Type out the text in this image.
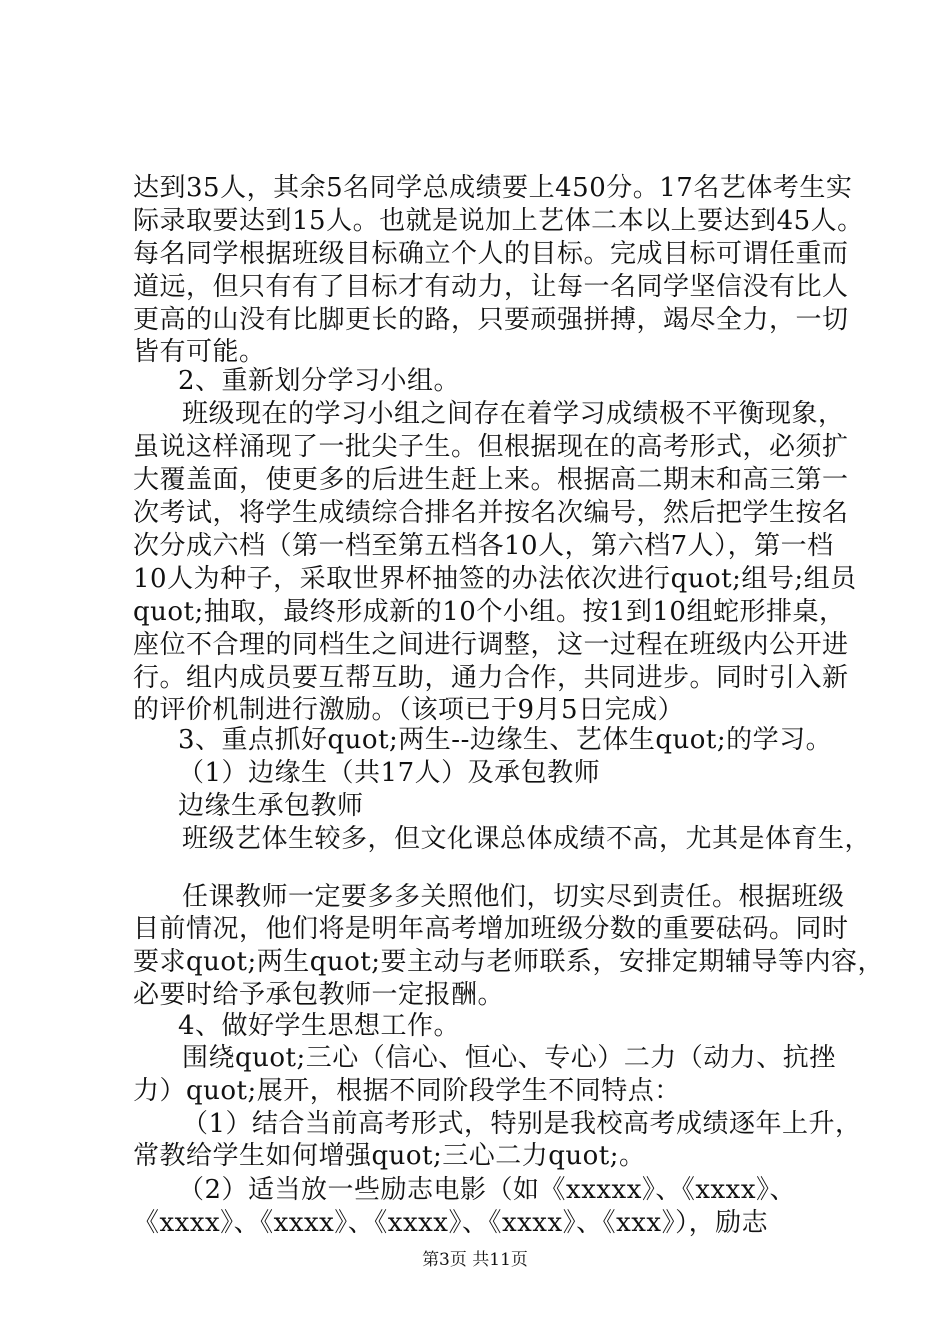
达到35人，其余5名同学总成绩要上450分。17名艺体考生实
际录取要达到15人。也就是说加上艺体二本以上要达到45人。
每名同学根据班级目标确立个人的目标。完成目标可谓任重而
道远，但只有有了目标才有动力，让每一名同学坚信没有比人
更高的山没有比脚更长的路，只要顽强拼搏，竭尽全力，一切
皆有可能。
2、重新划分学习小组。
班级现在的学习小组之间存在着学习成绩极不平衡现象，
虽说这样涌现了一批尖子生。但根据现在的高考形式，必须扩
大覆盖面，使更多的后进生赶上来。根据高二期末和高三第一
次考试，将学生成绩综合排名并按名次编号，然后把学生按名
次分成六档（第一档至第五档各10人，第六档7人），第一档
10人为种子，采取世界杯抽签的办法依次进行quot;组号;组员
quot;抽取，最终形成新的10个小组。按1到10组蛇形排桌，
座位不合理的同档生之间进行调整，这一过程在班级内公开进
行。组内成员要互帮互助，通力合作，共同进步。同时引入新
的评价机制进行激励。（该项已于9月5日完成）
3、重点抓好quot;两生--边缘生、艺体生quot;的学习。
（1）边缘生（共17人）及承包教师
边缘生承包教师
班级艺体生较多，但文化课总体成绩不高，尤其是体育生，
任课教师一定要多多关照他们，切实尽到责任。根据班级
目前情况，他们将是明年高考增加班级分数的重要砝码。同时
要求quot;两生quot;要主动与老师联系，安排定期辅导等内容，
必要时给予承包教师一定报酬。
4、做好学生思想工作。
围绕quot;三心（信心、恒心、专心）二力（动力、抗挫
力）quot;展开，根据不同阶段学生不同特点：
（1）结合当前高考形式，特别是我校高考成绩逐年上升，
常教给学生如何增强quot;三心二力quot;。
（2）适当放一些励志电影（如《xxxxx》、《xxxx》、
《xxxx》、《xxxx》、《xxxx》、《xxxx》、《xxx》），励志
第3页 共11页
